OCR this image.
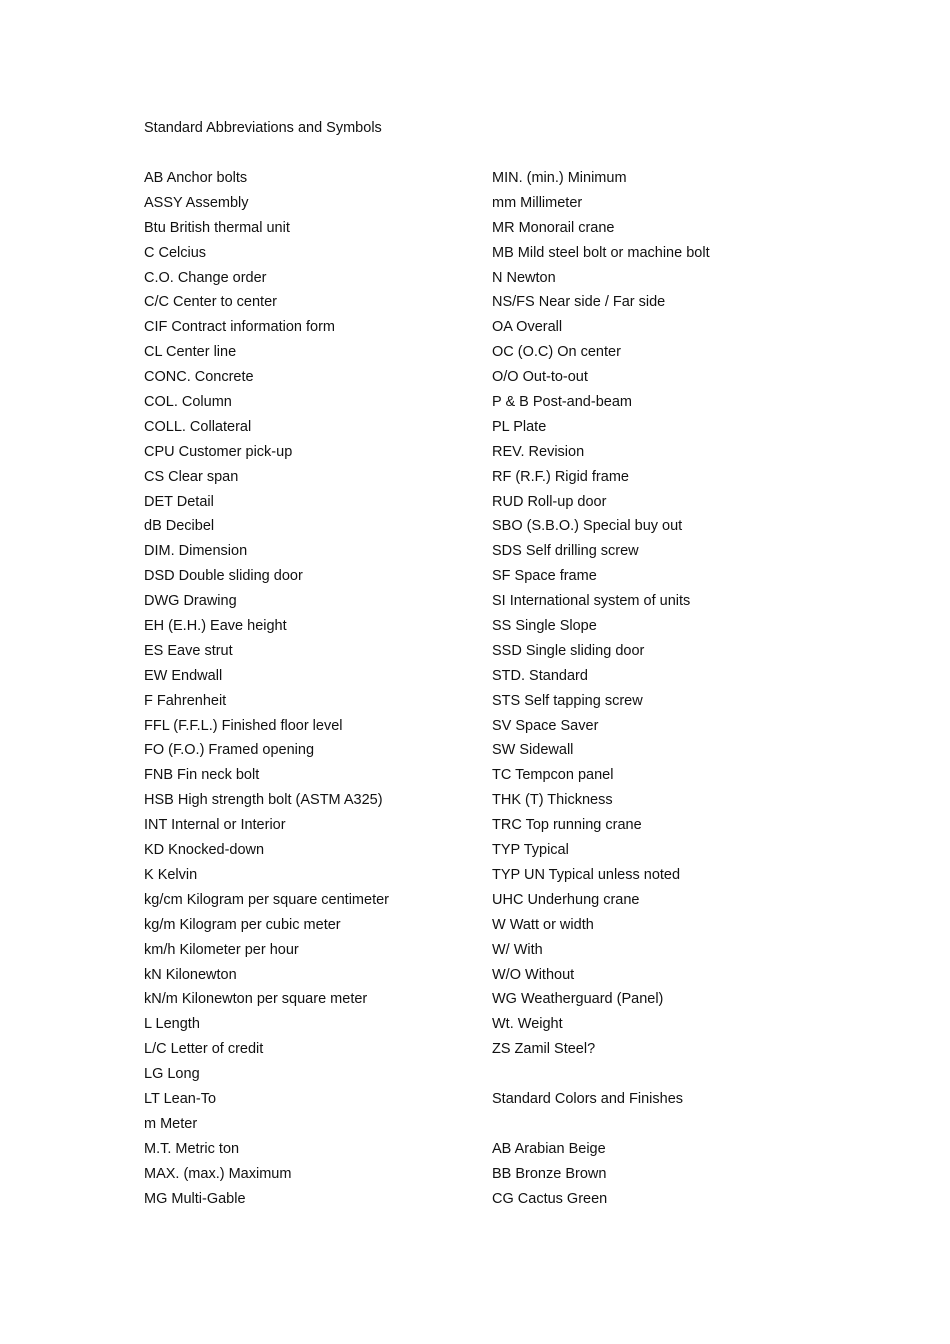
Standard Abbreviations and Symbols
AB Anchor bolts
ASSY Assembly
Btu British thermal unit
C Celcius
C.O. Change order
C/C Center to center
CIF Contract information form
CL Center line
CONC. Concrete
COL. Column
COLL. Collateral
CPU Customer pick-up
CS Clear span
DET Detail
dB Decibel
DIM. Dimension
DSD Double sliding door
DWG Drawing
EH (E.H.) Eave height
ES Eave strut
EW Endwall
F Fahrenheit
FFL (F.F.L.) Finished floor level
FO (F.O.) Framed opening
FNB Fin neck bolt
HSB High strength bolt (ASTM A325)
INT Internal or Interior
KD Knocked-down
K Kelvin
kg/cm Kilogram per square centimeter
kg/m Kilogram per cubic meter
km/h Kilometer per hour
kN Kilonewton
kN/m Kilonewton per square meter
L Length
L/C Letter of credit
LG Long
LT Lean-To
m Meter
M.T. Metric ton
MAX. (max.) Maximum
MG Multi-Gable
MIN. (min.) Minimum
mm Millimeter
MR Monorail crane
MB Mild steel bolt or machine bolt
N Newton
NS/FS Near side / Far side
OA Overall
OC (O.C) On center
O/O Out-to-out
P & B Post-and-beam
PL Plate
REV. Revision
RF (R.F.) Rigid frame
RUD Roll-up door
SBO (S.B.O.) Special buy out
SDS Self drilling screw
SF Space frame
SI International system of units
SS Single Slope
SSD Single sliding door
STD. Standard
STS Self tapping screw
SV Space Saver
SW Sidewall
TC Tempcon panel
THK (T) Thickness
TRC Top running crane
TYP Typical
TYP UN Typical unless noted
UHC Underhung crane
W Watt or width
W/ With
W/O Without
WG Weatherguard (Panel)
Wt. Weight
ZS Zamil Steel?
Standard Colors and Finishes
AB Arabian Beige
BB Bronze Brown
CG Cactus Green
